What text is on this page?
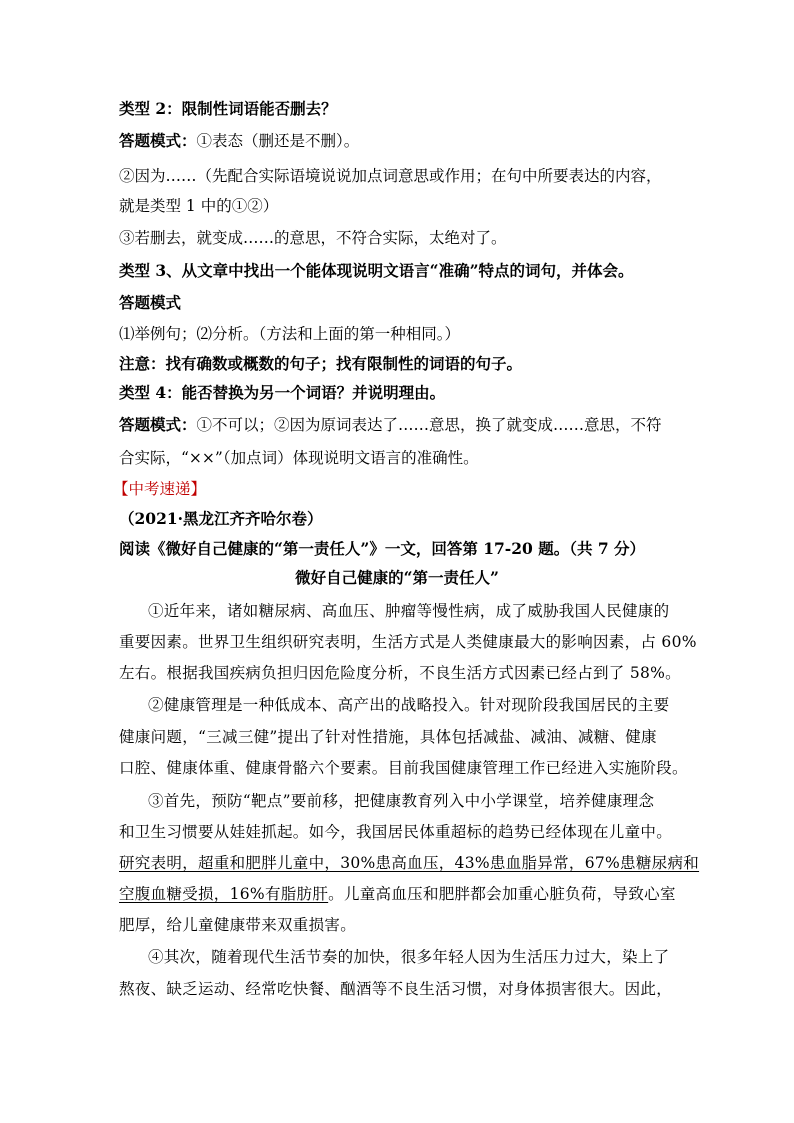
类型 2：限制性词语能否删去？
答题模式：①表态（删还是不删）。
②因为……（先配合实际语境说说加点词意思或作用；在句中所要表达的内容，
就是类型 1 中的①②）
③若删去，就变成……的意思，不符合实际，太绝对了。
类型 3、从文章中找出一个能体现说明文语言“准确”特点的词句，并体会。
答题模式
⑴举例句；⑵分析。（方法和上面的第一种相同。）
注意：找有确数或概数的句子；找有限制性的词语的句子。
类型 4：能否替换为另一个词语？并说明理由。
答题模式：①不可以；②因为原词表达了……意思，换了就变成……意思，不符
合实际，“××”（加点词）体现说明文语言的准确性。
【中考速递】
（2021·黑龙江齐齐哈尔卷）
阅读《微好自己健康的“第一责任人”》一文，回答第 17-20 题。（共 7 分）
微好自己健康的“第一责任人”
①近年来，诸如糖尿病、高血压、肿瘤等慢性病，成了威胁我国人民健康的
重要因素。世界卫生组织研究表明，生活方式是人类健康最大的影响因素，占 60%
左右。根据我国疾病负担归因危险度分析，不良生活方式因素已经占到了 58%。
②健康管理是一种低成本、高产出的战略投入。针对现阶段我国居民的主要
健康问题，“三减三健”提出了针对性措施，具体包括减盐、减油、减糖、健康
口腔、健康体重、健康骨骼六个要素。目前我国健康管理工作已经进入实施阶段。
③首先，预防“靶点”要前移，把健康教育列入中小学课堂，培养健康理念
和卫生习惯要从娃娃抓起。如今，我国居民体重超标的趋势已经体现在儿童中。
研究表明，超重和肥胖儿童中，30%患高血压，43%患血脂异常，67%患糖尿病和
空腹血糖受损，16%有脂肪肝。儿童高血压和肥胖都会加重心脏负荷，导致心室
肥厚，给儿童健康带来双重损害。
④其次，随着现代生活节奏的加快，很多年轻人因为生活压力过大，染上了
熬夜、缺乏运动、经常吃快餐、酗酒等不良生活习惯，对身体损害很大。因此，
